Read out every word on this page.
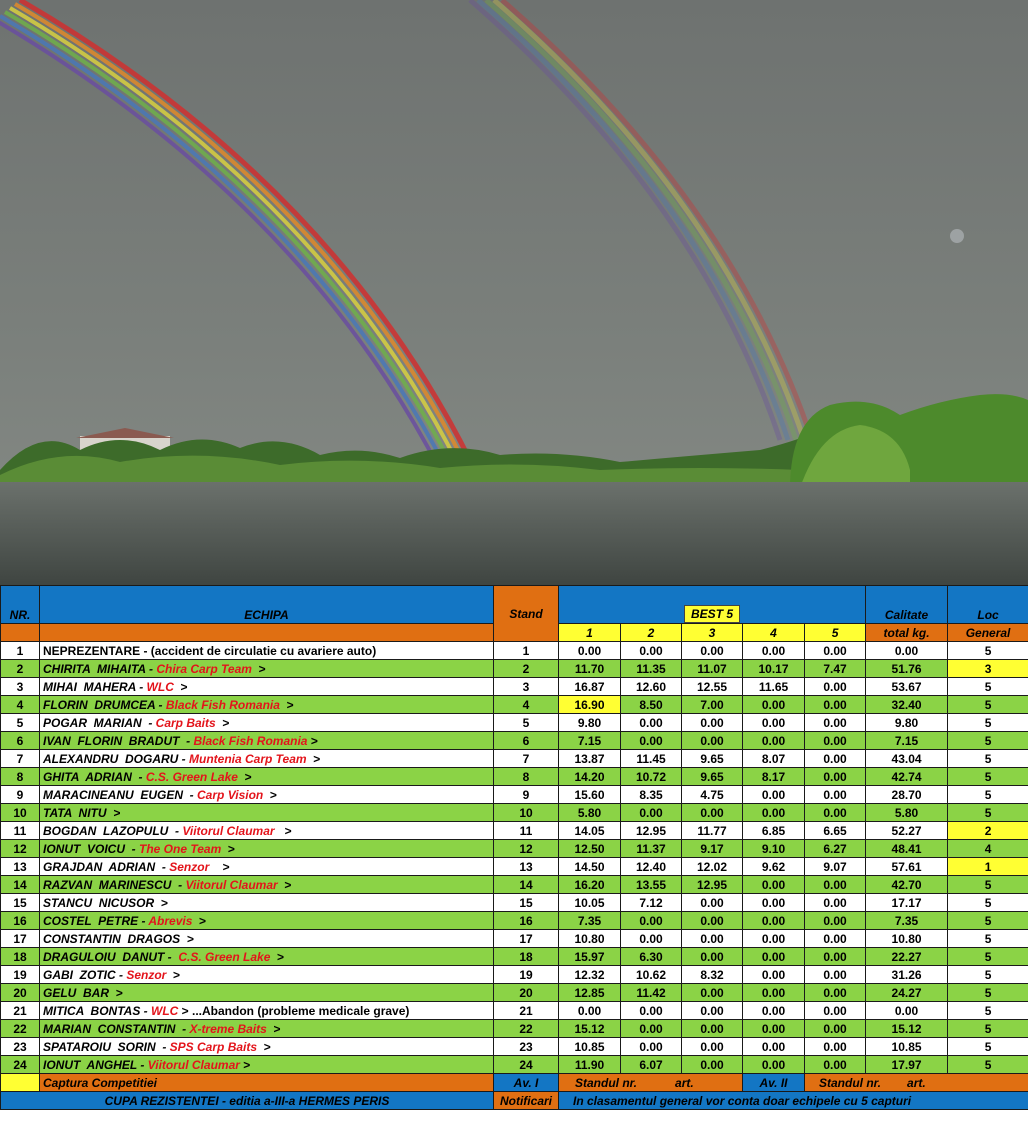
NR.	ECHIPA	Stand	BEST 5					Calitate	Loc
			1	2	3	4	5	total kg.	General
1	NEPREZENTARE - (accident de circulatie cu avariere auto)	1	0.00	0.00	0.00	0.00	0.00	0.00	5
2	CHIRITA  MIHAITA - Chira Carp Team  >	2	11.70	11.35	11.07	10.17	7.47	51.76	3
3	MIHAI  MAHERA - WLC  >	3	16.87	12.60	12.55	11.65	0.00	53.67	5
4	FLORIN  DRUMCEA - Black Fish Romania  >	4	16.90	8.50	7.00	0.00	0.00	32.40	5
5	POGAR  MARIAN  - Carp Baits  >	5	9.80	0.00	0.00	0.00	0.00	9.80	5
6	IVAN  FLORIN  BRADUT  - Black Fish Romania >	6	7.15	0.00	0.00	0.00	0.00	7.15	5
7	ALEXANDRU  DOGARU - Muntenia Carp Team  >	7	13.87	11.45	9.65	8.07	0.00	43.04	5
8	GHITA  ADRIAN  - C.S. Green Lake  >	8	14.20	10.72	9.65	8.17	0.00	42.74	5
9	MARACINEANU  EUGEN  - Carp Vision  >	9	15.60	8.35	4.75	0.00	0.00	28.70	5
10	TATA  NITU  >	10	5.80	0.00	0.00	0.00	0.00	5.80	5
11	BOGDAN  LAZOPULU  - Viitorul Claumar   >	11	14.05	12.95	11.77	6.85	6.65	52.27	2
12	IONUT  VOICU  - The One Team  >	12	12.50	11.37	9.17	9.10	6.27	48.41	4
13	GRAJDAN  ADRIAN  - Senzor    >	13	14.50	12.40	12.02	9.62	9.07	57.61	1
14	RAZVAN  MARINESCU  - Viitorul Claumar  >	14	16.20	13.55	12.95	0.00	0.00	42.70	5
15	STANCU  NICUSOR  >	15	10.05	7.12	0.00	0.00	0.00	17.17	5
16	COSTEL  PETRE - Abrevis  >	16	7.35	0.00	0.00	0.00	0.00	7.35	5
17	CONSTANTIN  DRAGOS  >	17	10.80	0.00	0.00	0.00	0.00	10.80	5
18	DRAGULOIU  DANUT -  C.S. Green Lake  >	18	15.97	6.30	0.00	0.00	0.00	22.27	5
19	GABI  ZOTIC - Senzor  >	19	12.32	10.62	8.32	0.00	0.00	31.26	5
20	GELU  BAR  >	20	12.85	11.42	0.00	0.00	0.00	24.27	5
21	MITICA  BONTAS - WLC > ...Abandon (probleme medicale grave)	21	0.00	0.00	0.00	0.00	0.00	0.00	5
22	MARIAN  CONSTANTIN  - X-treme Baits  >	22	15.12	0.00	0.00	0.00	0.00	15.12	5
23	SPATAROIU  SORIN  - SPS Carp Baits  >	23	10.85	0.00	0.00	0.00	0.00	10.85	5
24	IONUT  ANGHEL - Viitorul Claumar >	24	11.90	6.07	0.00	0.00	0.00	17.97	5
	Captura Competitiei	Av. I	Standul nr. art.			Av. II	Standul nr. art.		
CUPA REZISTENTEI - editia a-III-a HERMES PERIS		Notificari	In clasamentul general vor conta doar echipele cu 5 capturi						
